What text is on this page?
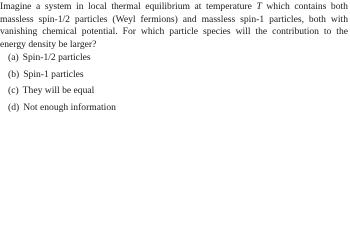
Imagine a system in local thermal equilibrium at temperature T which contains both massless spin-1/2 particles (Weyl fermions) and massless spin-1 particles, both with vanishing chemical potential. For which particle species will the contribution to the energy density be larger?

(a) Spin-1/2 particles
(b) Spin-1 particles
(c) They will be equal
(d) Not enough information
